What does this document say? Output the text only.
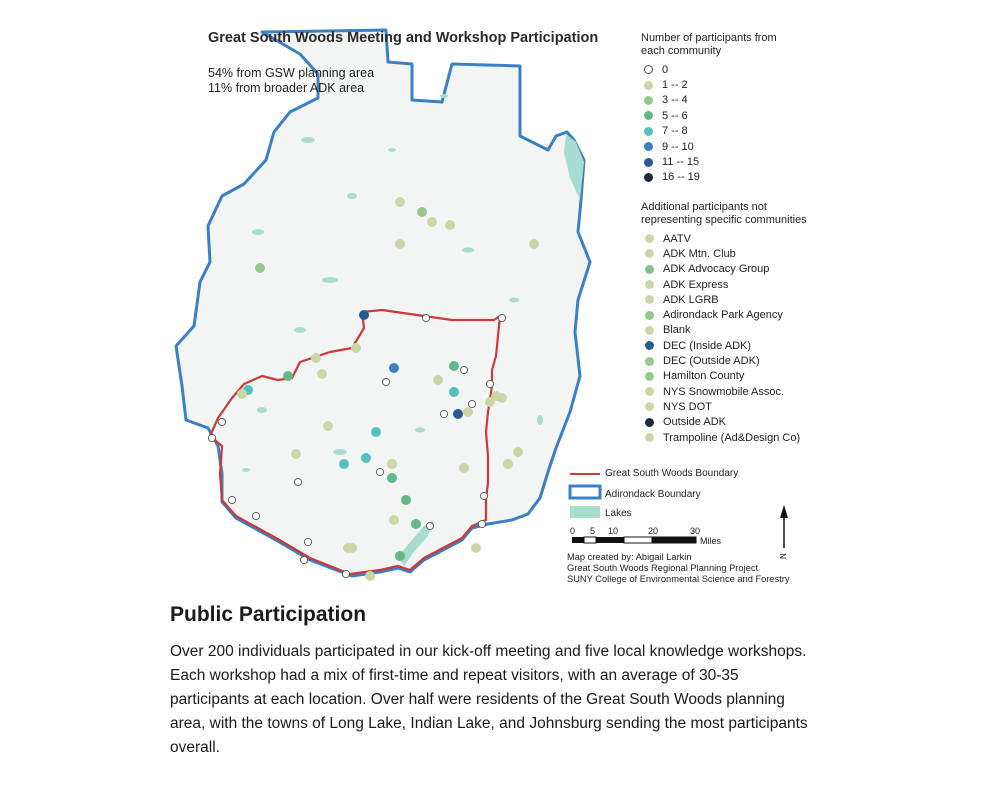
0 5 10	20	30
Miles
N
Great South Woods Meeting and Workshop Participation
54% from GSW planning area
11% from broader ADK area
Number of participants from each community
0
1 -- 2
3 -- 4
5 -- 6
7 -- 8
9 -- 10
11 -- 15
16 -- 19
Additional participants not representing specific communities
AATV
ADK Mtn. Club
ADK Advocacy Group
ADK Express
ADK LGRB
Adirondack Park Agency
Blank
DEC (Inside ADK)
DEC (Outside ADK)
Hamilton County
NYS Snowmobile Assoc.
NYS DOT
Outside ADK
Trampoline (Ad&Design Co)
Great South Woods Boundary
Adirondack Boundary
Lakes
Map created by: Abigail Larkin
Great South Woods Regional Planning Project
SUNY College of Environmental Science and Forestry
Public Participation

Over 200 individuals participated in our kick-off meeting and five local knowledge workshops. Each workshop had a mix of first-time and repeat visitors, with an average of 30-35 participants at each location. Over half were residents of the Great South Woods planning area, with the towns of Long Lake, Indian Lake, and Johnsburg sending the most participants overall.
